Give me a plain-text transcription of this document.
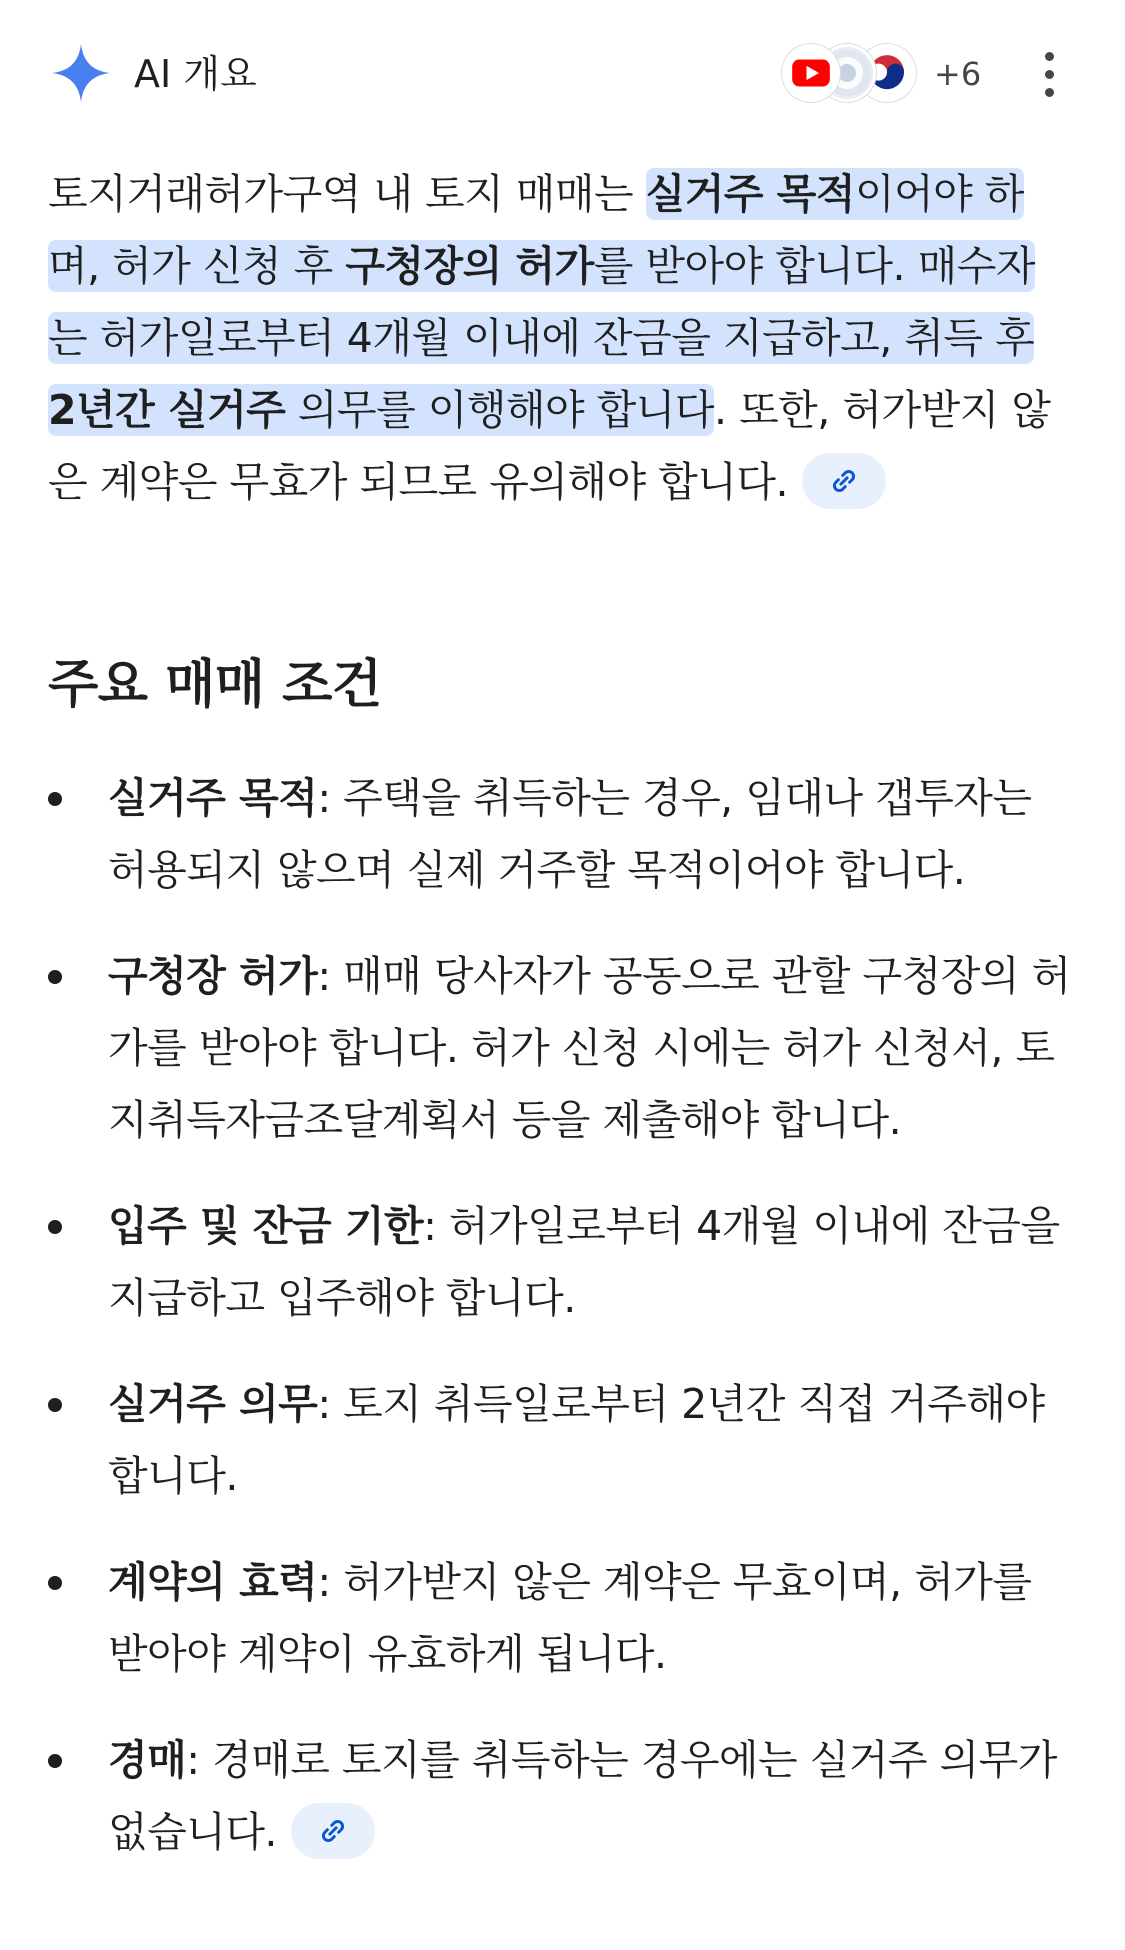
AI 개요	+6
토지거래허가구역 내 토지 매매는 실거주 목적이어야 하며, 허가 신청 후 구청장의 허가를 받아야 합니다. 매수자는 허가일로부터 4개월 이내에 잔금을 지급하고, 취득 후 2년간 실거주 의무를 이행해야 합니다. 또한, 허가받지 않은 계약은 무효가 되므로 유의해야 합니다.
주요 매매 조건
실거주 목적: 주택을 취득하는 경우, 임대나 갭투자는 허용되지 않으며 실제 거주할 목적이어야 합니다.
구청장 허가: 매매 당사자가 공동으로 관할 구청장의 허가를 받아야 합니다. 허가 신청 시에는 허가 신청서, 토지취득자금조달계획서 등을 제출해야 합니다.
입주 및 잔금 기한: 허가일로부터 4개월 이내에 잔금을 지급하고 입주해야 합니다.
실거주 의무: 토지 취득일로부터 2년간 직접 거주해야 합니다.
계약의 효력: 허가받지 않은 계약은 무효이며, 허가를 받아야 계약이 유효하게 됩니다.
경매: 경매로 토지를 취득하는 경우에는 실거주 의무가 없습니다.
